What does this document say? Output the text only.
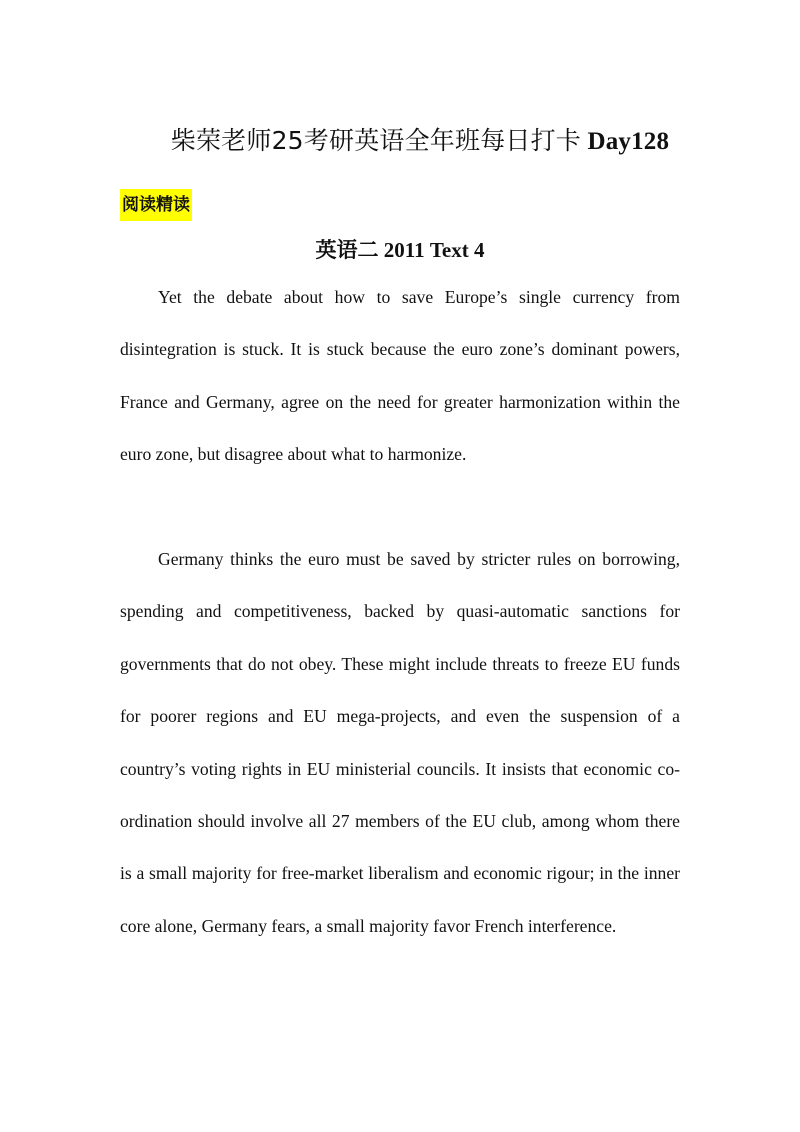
柴荣老师25考研英语全年班每日打卡 Day128
阅读精读
英语二 2011 Text 4

Yet the debate about how to save Europe’s single currency from disintegration is stuck. It is stuck because the euro zone’s dominant powers, France and Germany, agree on the need for greater harmonization within the euro zone, but disagree about what to harmonize.

Germany thinks the euro must be saved by stricter rules on borrowing, spending and competitiveness, backed by quasi-automatic sanctions for governments that do not obey. These might include threats to freeze EU funds for poorer regions and EU mega-projects, and even the suspension of a country’s voting rights in EU ministerial councils. It insists that economic co-ordination should involve all 27 members of the EU club, among whom there is a small majority for free-market liberalism and economic rigour; in the inner core alone, Germany fears, a small majority favor French interference.
